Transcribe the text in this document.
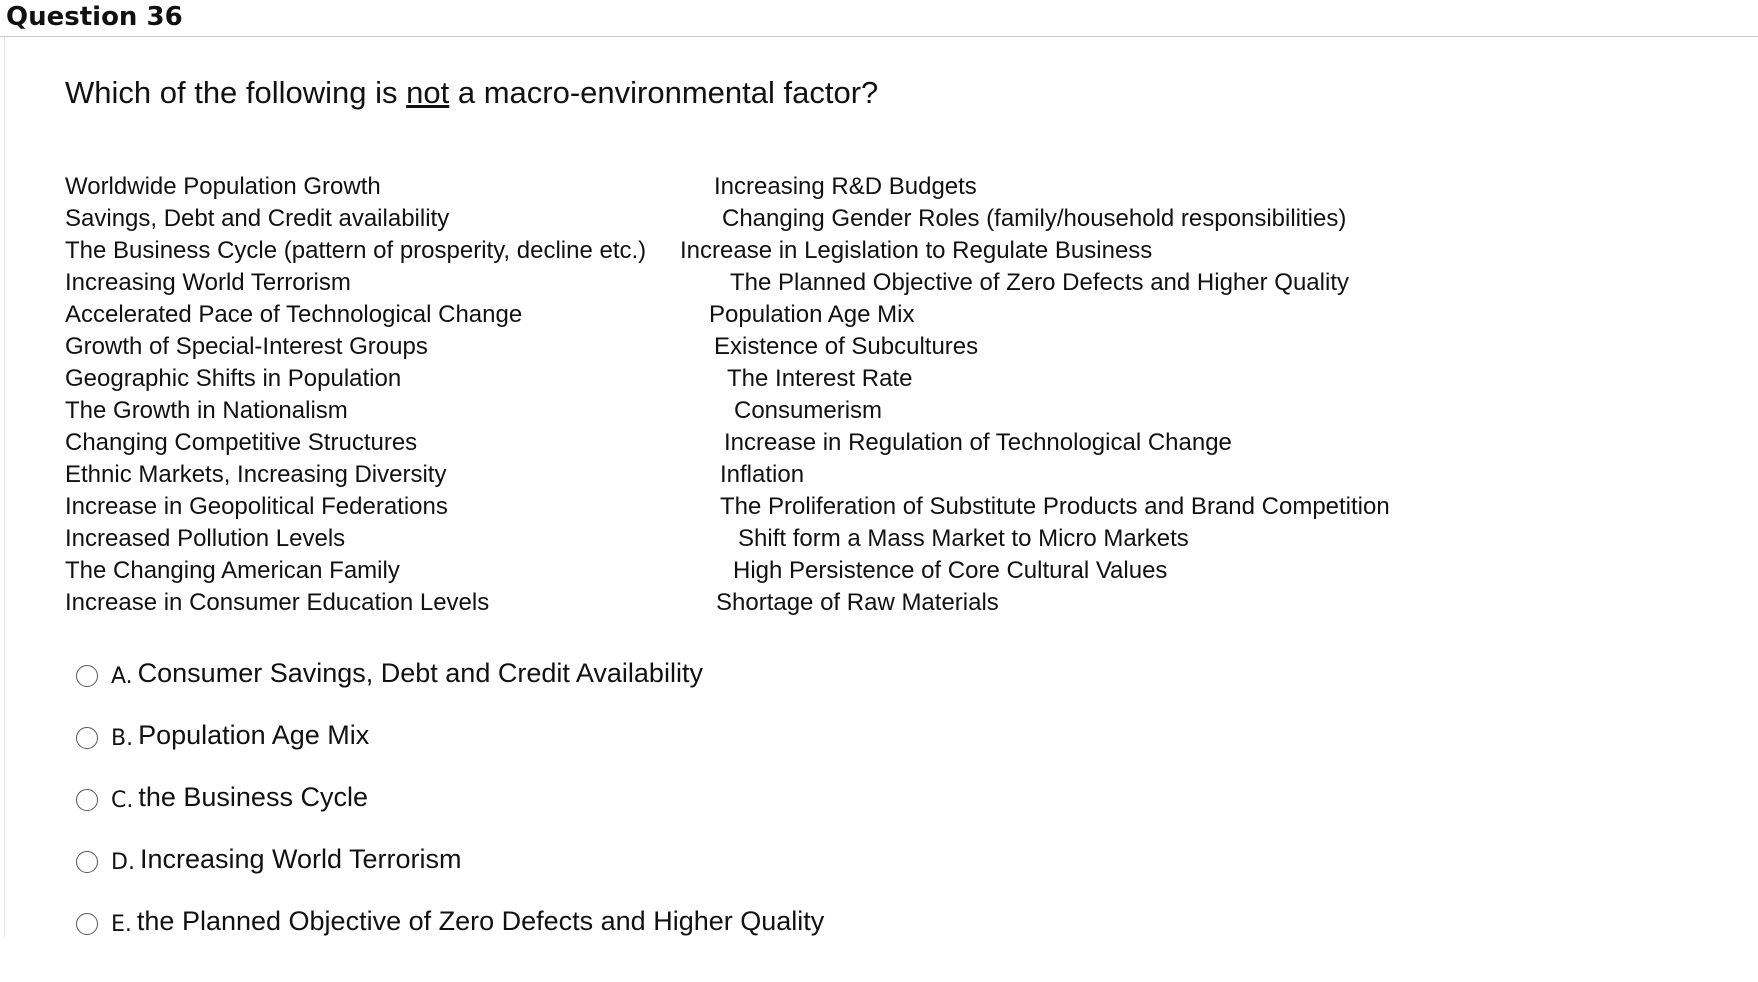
Question 36
Which of the following is not a macro-environmental factor?
Worldwide Population Growth
Savings, Debt and Credit availability
The Business Cycle (pattern of prosperity, decline etc.)
Increasing World Terrorism
Accelerated Pace of Technological Change
Growth of Special-Interest Groups
Geographic Shifts in Population
The Growth in Nationalism
Changing Competitive Structures
Ethnic Markets, Increasing Diversity
Increase in Geopolitical Federations
Increased Pollution Levels
The Changing American Family
Increase in Consumer Education Levels
Increasing R&D Budgets
Changing Gender Roles (family/household responsibilities)
Increase in Legislation to Regulate Business
The Planned Objective of Zero Defects and Higher Quality
Population Age Mix
Existence of Subcultures
The Interest Rate
Consumerism
Increase in Regulation of Technological Change
Inflation
The Proliferation of Substitute Products and Brand Competition
Shift form a Mass Market to Micro Markets
High Persistence of Core Cultural Values
Shortage of Raw Materials
A. Consumer Savings, Debt and Credit Availability
B. Population Age Mix
C. the Business Cycle
D. Increasing World Terrorism
E. the Planned Objective of Zero Defects and Higher Quality
